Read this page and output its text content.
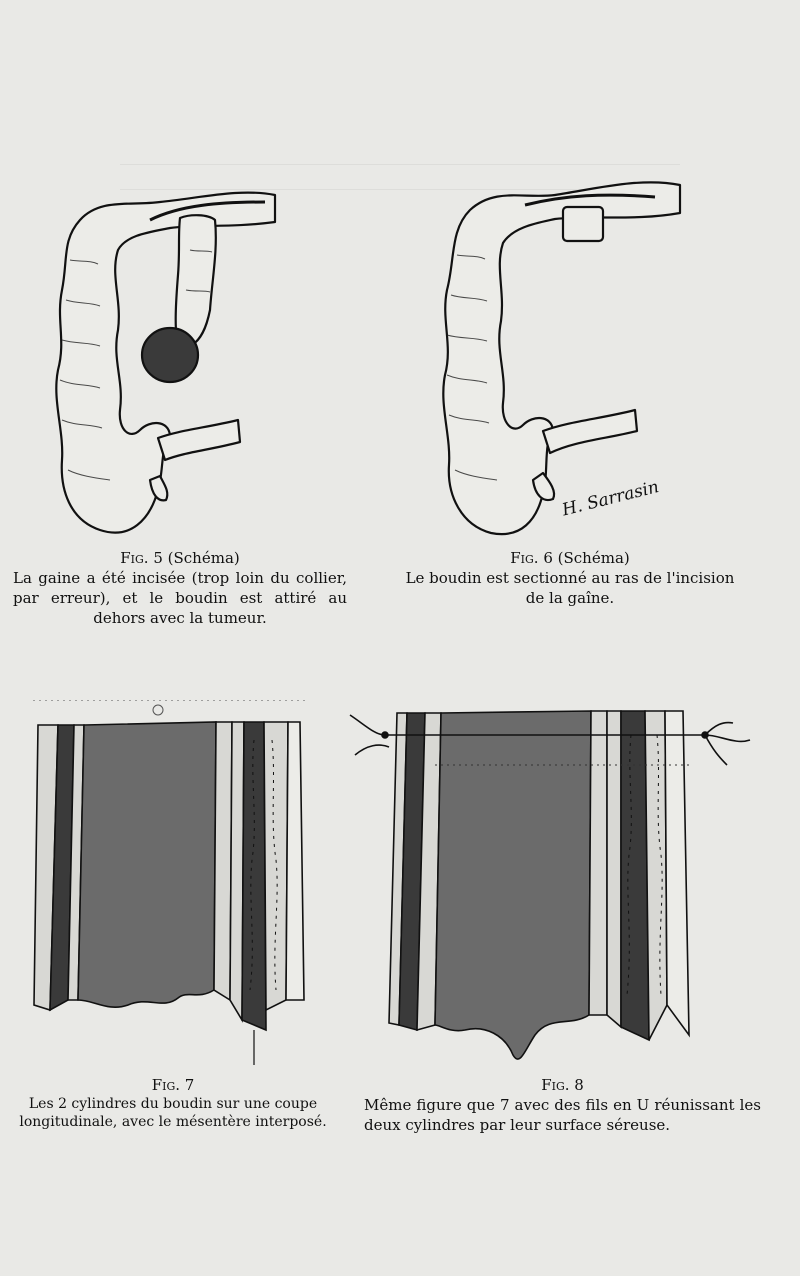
H. Sarrasin
Fig. 5 (Schéma)
La gaine a été incisée (trop loin du collier, par erreur), et le boudin est attiré au dehors avec la tumeur.
Fig. 6 (Schéma)
Le boudin est sectionné au ras de l'incision de la gaîne.
Fig. 7
Les 2 cylindres du boudin sur une coupe longitudinale, avec le mésentère interposé.
Fig. 8
Même figure que 7 avec des fils en U réunissant les deux cylindres par leur surface séreuse.
